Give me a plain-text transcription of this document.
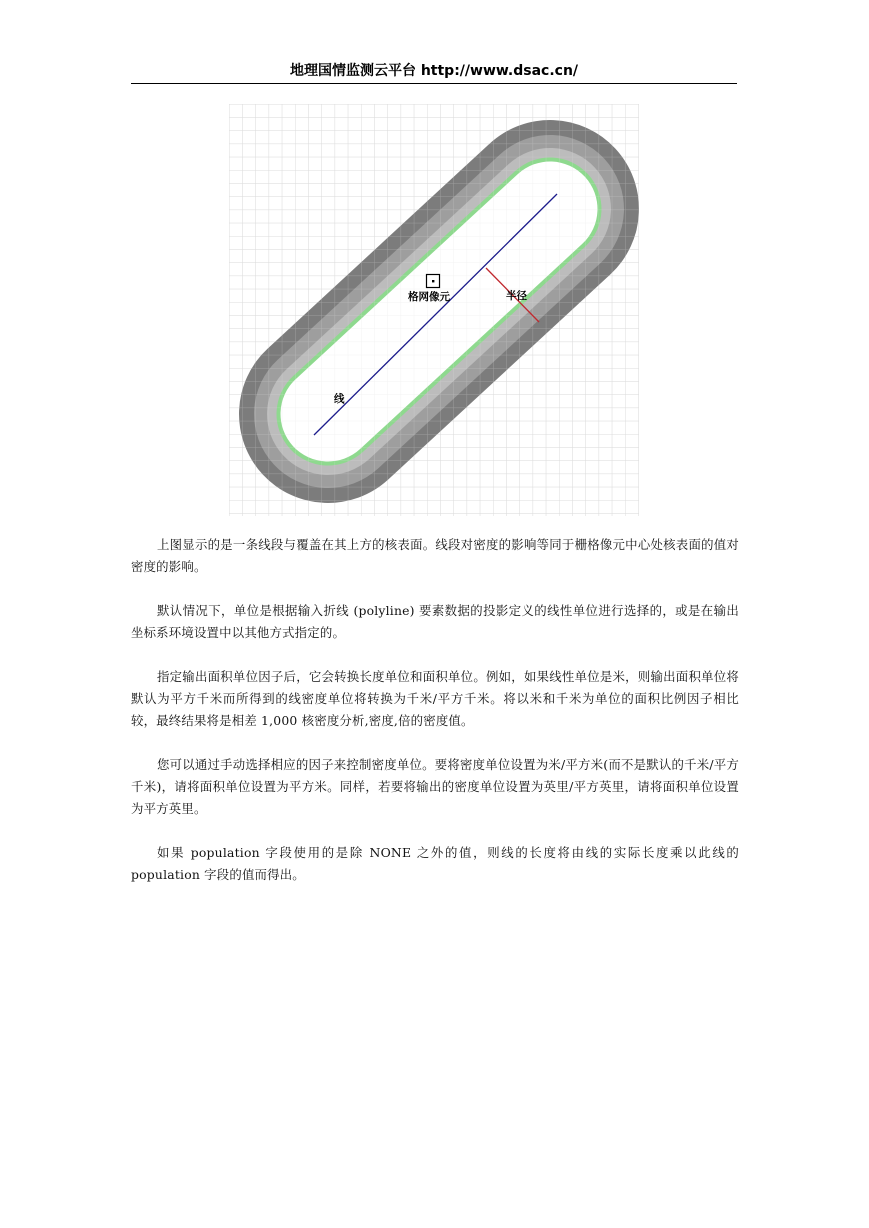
地理国情监测云平台 http://www.dsac.cn/
格网像元	半径
线

上图显示的是一条线段与覆盖在其上方的核表面。线段对密度的影响等同于栅格像元中心处核表面的值对密度的影响。

默认情况下，单位是根据输入折线 (polyline) 要素数据的投影定义的线性单位进行选择的，或是在输出坐标系环境设置中以其他方式指定的。

指定输出面积单位因子后，它会转换长度单位和面积单位。例如，如果线性单位是米，则输出面积单位将默认为平方千米而所得到的线密度单位将转换为千米/平方千米。将以米和千米为单位的面积比例因子相比较，最终结果将是相差 1,000 核密度分析,密度,倍的密度值。

您可以通过手动选择相应的因子来控制密度单位。要将密度单位设置为米/平方米(而不是默认的千米/平方千米)，请将面积单位设置为平方米。同样，若要将输出的密度单位设置为英里/平方英里，请将面积单位设置为平方英里。

如果 population 字段使用的是除 NONE 之外的值，则线的长度将由线的实际长度乘以此线的 population 字段的值而得出。
